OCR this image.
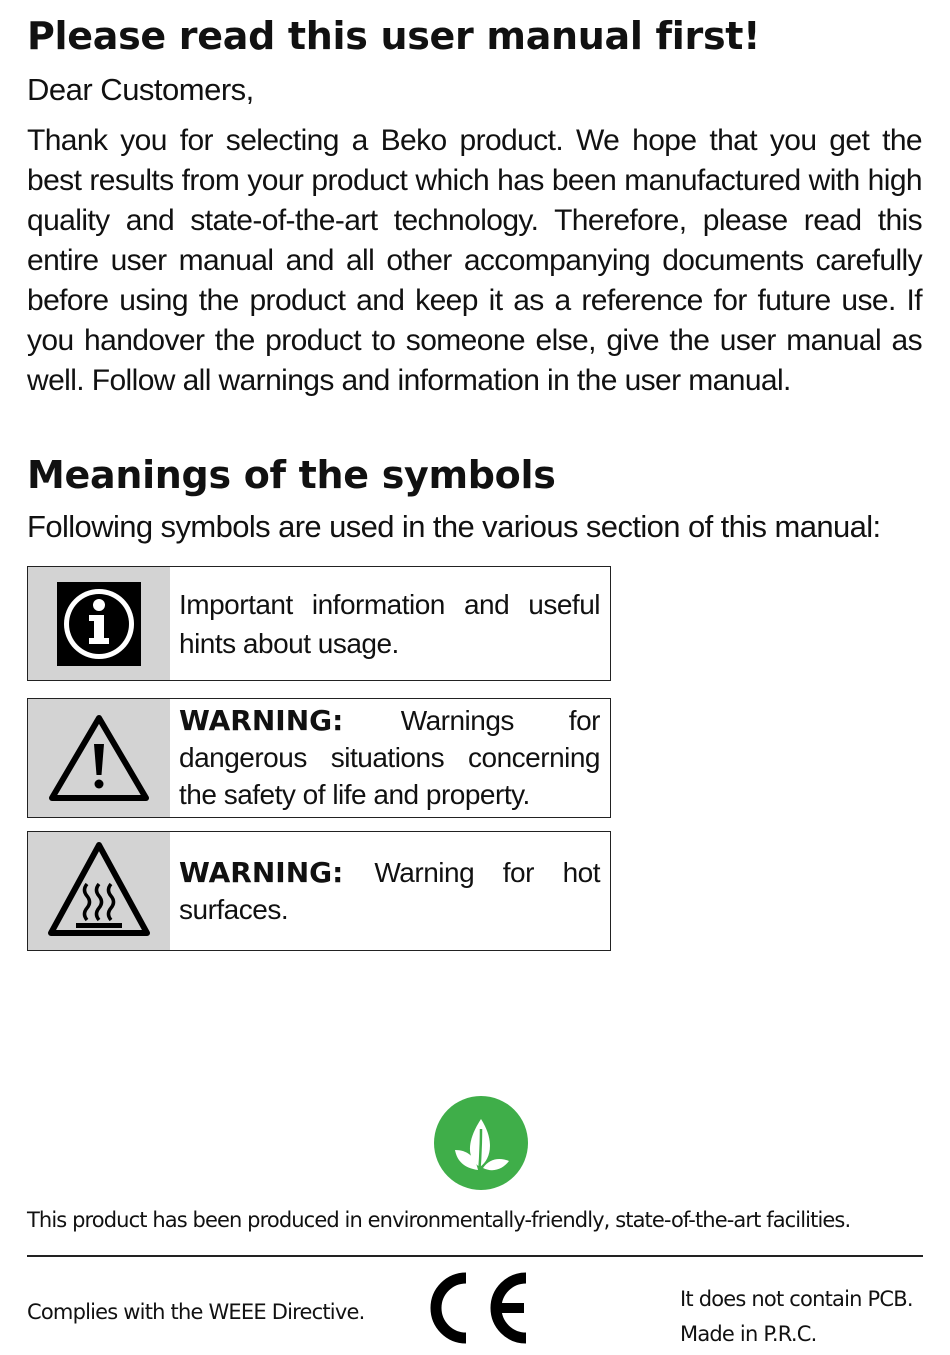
Please read this user manual first!
Dear Customers,

Thank you for selecting a Beko product. We hope that you get the best results from your product which has been manufactured with high quality and state-of-the-art technology. Therefore, please read this entire user manual and all other accompanying documents carefully before using the product and keep it as a reference for future use. If you handover the product to someone else, give the user manual as well. Follow all warnings and information in the user manual.

Meanings of the symbols
Following symbols are used in the various section of this manual:
Important information and useful hints about usage.
WARNING: Warnings for dangerous situations concerning the safety of life and property.
WARNING: Warning for hot surfaces.
This product has been produced in environmentally-friendly, state-of-the-art facilities.
Complies with the WEEE Directive.
It does not contain PCB.
Made in P.R.C.
